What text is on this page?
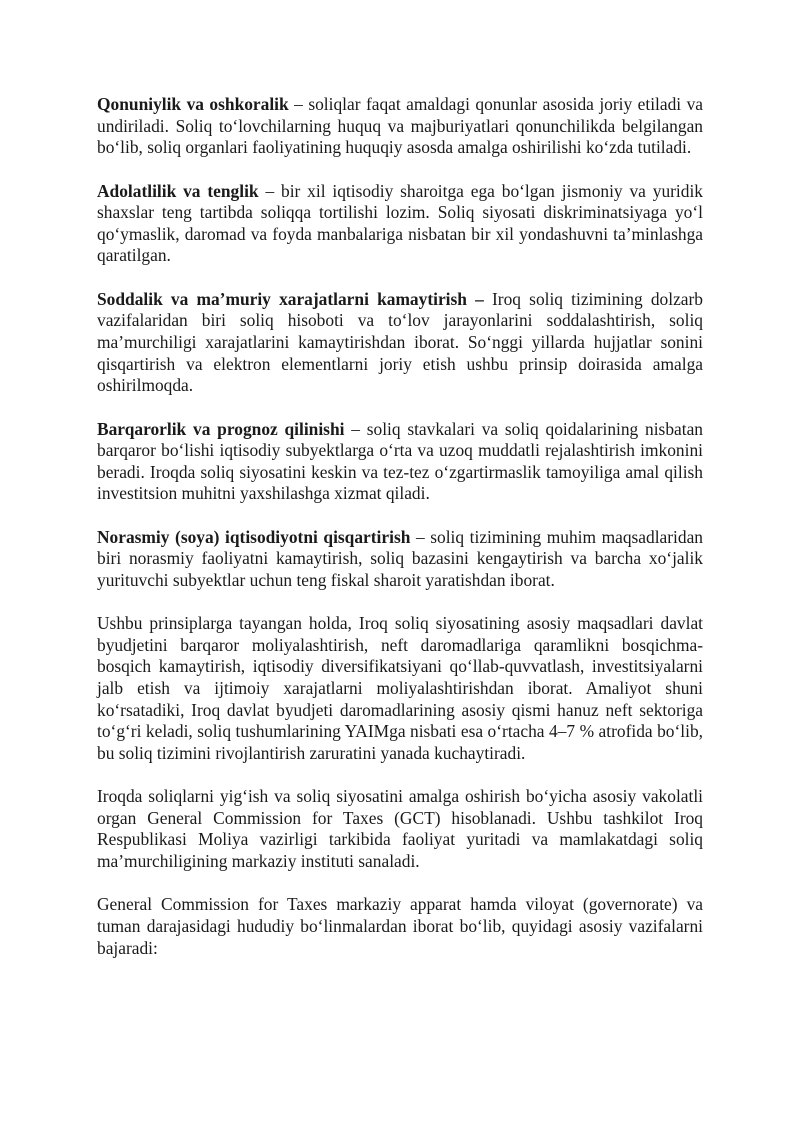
Qonuniylik va oshkoralik – soliqlar faqat amaldagi qonunlar asosida joriy etiladi va undiriladi. Soliq to‘lovchilarning huquq va majburiyatlari qonunchilikda belgilangan bo‘lib, soliq organlari faoliyatining huquqiy asosda amalga oshirilishi ko‘zda tutiladi.

Adolatlilik va tenglik – bir xil iqtisodiy sharoitga ega bo‘lgan jismoniy va yuridik shaxslar teng tartibda soliqqa tortilishi lozim. Soliq siyosati diskriminatsiyaga yo‘l qo‘ymaslik, daromad va foyda manbalariga nisbatan bir xil yondashuvni ta’minlashga qaratilgan.

Soddalik va ma’muriy xarajatlarni kamaytirish – Iroq soliq tizimining dolzarb vazifalaridan biri soliq hisoboti va to‘lov jarayonlarini soddalashtirish, soliq ma’murchiligi xarajatlarini kamaytirishdan iborat. So‘nggi yillarda hujjatlar sonini qisqartirish va elektron elementlarni joriy etish ushbu prinsip doirasida amalga oshirilmoqda.

Barqarorlik va prognoz qilinishi – soliq stavkalari va soliq qoidalarining nisbatan barqaror bo‘lishi iqtisodiy subyektlarga o‘rta va uzoq muddatli rejalashtirish imkonini beradi. Iroqda soliq siyosatini keskin va tez-tez o‘zgartirmaslik tamoyiliga amal qilish investitsion muhitni yaxshilashga xizmat qiladi.

Norasmiy (soya) iqtisodiyotni qisqartirish – soliq tizimining muhim maqsadlaridan biri norasmiy faoliyatni kamaytirish, soliq bazasini kengaytirish va barcha xo‘jalik yurituvchi subyektlar uchun teng fiskal sharoit yaratishdan iborat.

Ushbu prinsiplarga tayangan holda, Iroq soliq siyosatining asosiy maqsadlari davlat byudjetini barqaror moliyalashtirish, neft daromadlariga qaramlikni bosqichma-bosqich kamaytirish, iqtisodiy diversifikatsiyani qo‘llab-quvvatlash, investitsiyalarni jalb etish va ijtimoiy xarajatlarni moliyalashtirishdan iborat. Amaliyot shuni ko‘rsatadiki, Iroq davlat byudjeti daromadlarining asosiy qismi hanuz neft sektoriga to‘g‘ri keladi, soliq tushumlarining YAIMga nisbati esa o‘rtacha 4–7 % atrofida bo‘lib, bu soliq tizimini rivojlantirish zaruratini yanada kuchaytiradi.

Iroqda soliqlarni yig‘ish va soliq siyosatini amalga oshirish bo‘yicha asosiy vakolatli organ General Commission for Taxes (GCT) hisoblanadi. Ushbu tashkilot Iroq Respublikasi Moliya vazirligi tarkibida faoliyat yuritadi va mamlakatdagi soliq ma’murchiligining markaziy instituti sanaladi.

General Commission for Taxes markaziy apparat hamda viloyat (governorate) va tuman darajasidagi hududiy bo‘linmalardan iborat bo‘lib, quyidagi asosiy vazifalarni bajaradi:
